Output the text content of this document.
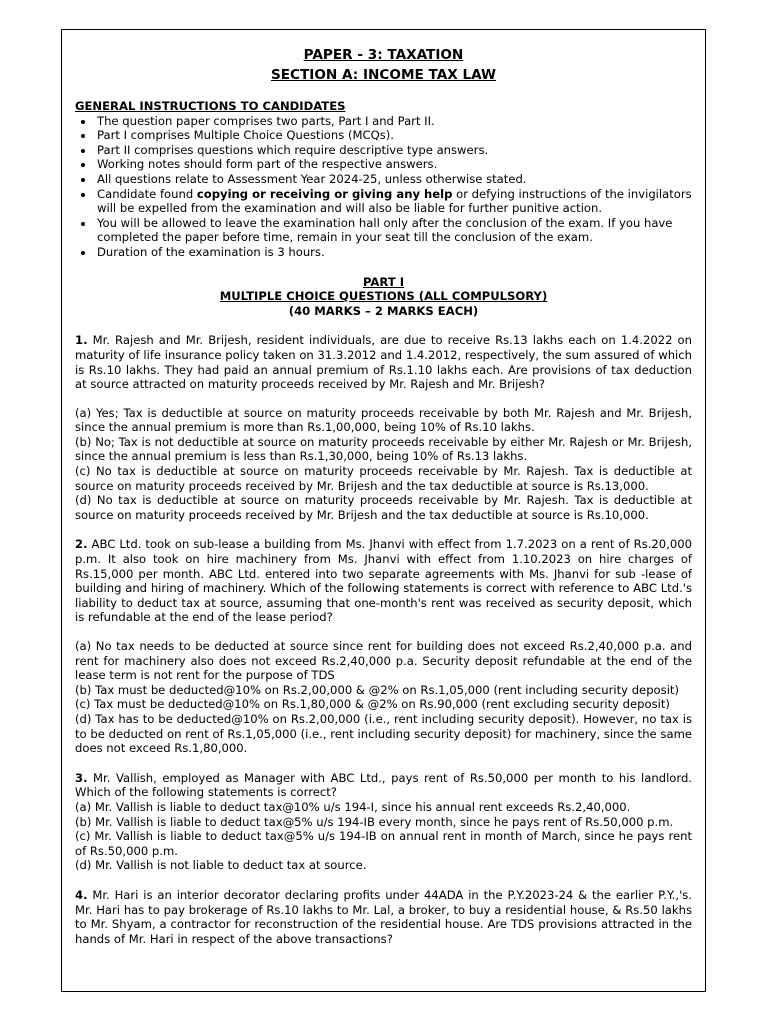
PAPER - 3: TAXATION
SECTION A: INCOME TAX LAW
GENERAL INSTRUCTIONS TO CANDIDATES
• The question paper comprises two parts, Part I and Part II.
• Part I comprises Multiple Choice Questions (MCQs).
• Part II comprises questions which require descriptive type answers.
• Working notes should form part of the respective answers.
• All questions relate to Assessment Year 2024-25, unless otherwise stated.
• Candidate found copying or receiving or giving any help or defying instructions of the invigilators will be expelled from the examination and will also be liable for further punitive action.
• You will be allowed to leave the examination hall only after the conclusion of the exam. If you have completed the paper before time, remain in your seat till the conclusion of the exam.
• Duration of the examination is 3 hours.
PART I
MULTIPLE CHOICE QUESTIONS (ALL COMPULSORY)
(40 MARKS – 2 MARKS EACH)
1. Mr. Rajesh and Mr. Brijesh, resident individuals, are due to receive Rs.13 lakhs each on 1.4.2022 on maturity of life insurance policy taken on 31.3.2012 and 1.4.2012, respectively, the sum assured of which is Rs.10 lakhs. They had paid an annual premium of Rs.1.10 lakhs each. Are provisions of tax deduction at source attracted on maturity proceeds received by Mr. Rajesh and Mr. Brijesh?
(a) Yes; Tax is deductible at source on maturity proceeds receivable by both Mr. Rajesh and Mr. Brijesh, since the annual premium is more than Rs.1,00,000, being 10% of Rs.10 lakhs.
(b) No; Tax is not deductible at source on maturity proceeds receivable by either Mr. Rajesh or Mr. Brijesh, since the annual premium is less than Rs.1,30,000, being 10% of Rs.13 lakhs.
(c) No tax is deductible at source on maturity proceeds receivable by Mr. Rajesh. Tax is deductible at source on maturity proceeds received by Mr. Brijesh and the tax deductible at source is Rs.13,000.
(d) No tax is deductible at source on maturity proceeds receivable by Mr. Rajesh. Tax is deductible at source on maturity proceeds received by Mr. Brijesh and the tax deductible at source is Rs.10,000.
2. ABC Ltd. took on sub-lease a building from Ms. Jhanvi with effect from 1.7.2023 on a rent of Rs.20,000 p.m. It also took on hire machinery from Ms. Jhanvi with effect from 1.10.2023 on hire charges of Rs.15,000 per month. ABC Ltd. entered into two separate agreements with Ms. Jhanvi for sub -lease of building and hiring of machinery. Which of the following statements is correct with reference to ABC Ltd.'s liability to deduct tax at source, assuming that one-month's rent was received as security deposit, which is refundable at the end of the lease period?
(a) No tax needs to be deducted at source since rent for building does not exceed Rs.2,40,000 p.a. and rent for machinery also does not exceed Rs.2,40,000 p.a. Security deposit refundable at the end of the lease term is not rent for the purpose of TDS
(b) Tax must be deducted@10% on Rs.2,00,000 & @2% on Rs.1,05,000 (rent including security deposit)
(c) Tax must be deducted@10% on Rs.1,80,000 & @2% on Rs.90,000 (rent excluding security deposit)
(d) Tax has to be deducted@10% on Rs.2,00,000 (i.e., rent including security deposit). However, no tax is to be deducted on rent of Rs.1,05,000 (i.e., rent including security deposit) for machinery, since the same does not exceed Rs.1,80,000.
3. Mr. Vallish, employed as Manager with ABC Ltd., pays rent of Rs.50,000 per month to his landlord. Which of the following statements is correct?
(a) Mr. Vallish is liable to deduct tax@10% u/s 194-I, since his annual rent exceeds Rs.2,40,000.
(b) Mr. Vallish is liable to deduct tax@5% u/s 194-IB every month, since he pays rent of Rs.50,000 p.m.
(c) Mr. Vallish is liable to deduct tax@5% u/s 194-IB on annual rent in month of March, since he pays rent of Rs.50,000 p.m.
(d) Mr. Vallish is not liable to deduct tax at source.
4. Mr. Hari is an interior decorator declaring profits under 44ADA in the P.Y.2023-24 & the earlier P.Y.,'s. Mr. Hari has to pay brokerage of Rs.10 lakhs to Mr. Lal, a broker, to buy a residential house, & Rs.50 lakhs to Mr. Shyam, a contractor for reconstruction of the residential house. Are TDS provisions attracted in the hands of Mr. Hari in respect of the above transactions?
